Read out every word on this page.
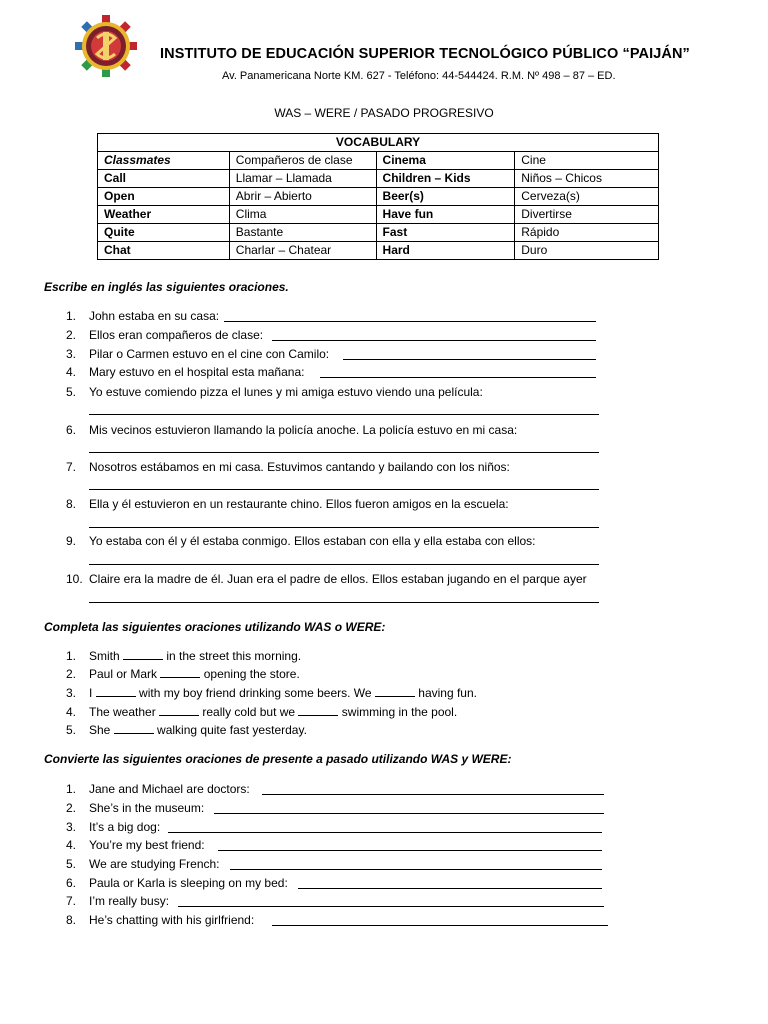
INSTITUTO DE EDUCACIÓN SUPERIOR TECNOLÓGICO PÚBLICO “PAIJÁN”
Av. Panamericana Norte KM. 627 - Teléfono: 44-544424. R.M. Nº 498 – 87 – ED.
WAS – WERE / PASADO PROGRESIVO
VOCABULARY			
Classmates	Compañeros de clase	Cinema	Cine
Call	Llamar – Llamada	Children – Kids	Niños – Chicos
Open	Abrir – Abierto	Beer(s)	Cerveza(s)
Weather	Clima	Have fun	Divertirse
Quite	Bastante	Fast	Rápido
Chat	Charlar – Chatear	Hard	Duro
Escribe en inglés las siguientes oraciones.
1. John estaba en su casa:
2. Ellos eran compañeros de clase:
3. Pilar o Carmen estuvo en el cine con Camilo:
4. Mary estuvo en el hospital esta mañana:
5. Yo estuve comiendo pizza el lunes y mi amiga estuvo viendo una película:
6. Mis vecinos estuvieron llamando la policía anoche. La policía estuvo en mi casa:
7. Nosotros estábamos en mi casa. Estuvimos cantando y bailando con los niños:
8. Ella y él estuvieron en un restaurante chino. Ellos fueron amigos en la escuela:
9. Yo estaba con él y él estaba conmigo. Ellos estaban con ella y ella estaba con ellos:
10. Claire era la madre de él. Juan era el padre de ellos. Ellos estaban jugando en el parque ayer
Completa las siguientes oraciones utilizando WAS o WERE:
1. Smith	in the street this morning.
2. Paul or Mark	opening the store.
3. I	with my boy friend drinking some beers. We	having fun.
4. The weather	really cold but we	swimming in the pool.
5. She	walking quite fast yesterday.
Convierte las siguientes oraciones de presente a pasado utilizando WAS y WERE:
1. Jane and Michael are doctors:
2. She’s in the museum:
3. It’s a big dog:
4. You’re my best friend:
5. We are studying French:
6. Paula or Karla is sleeping on my bed:
7. I’m really busy:
8. He’s chatting with his girlfriend:
